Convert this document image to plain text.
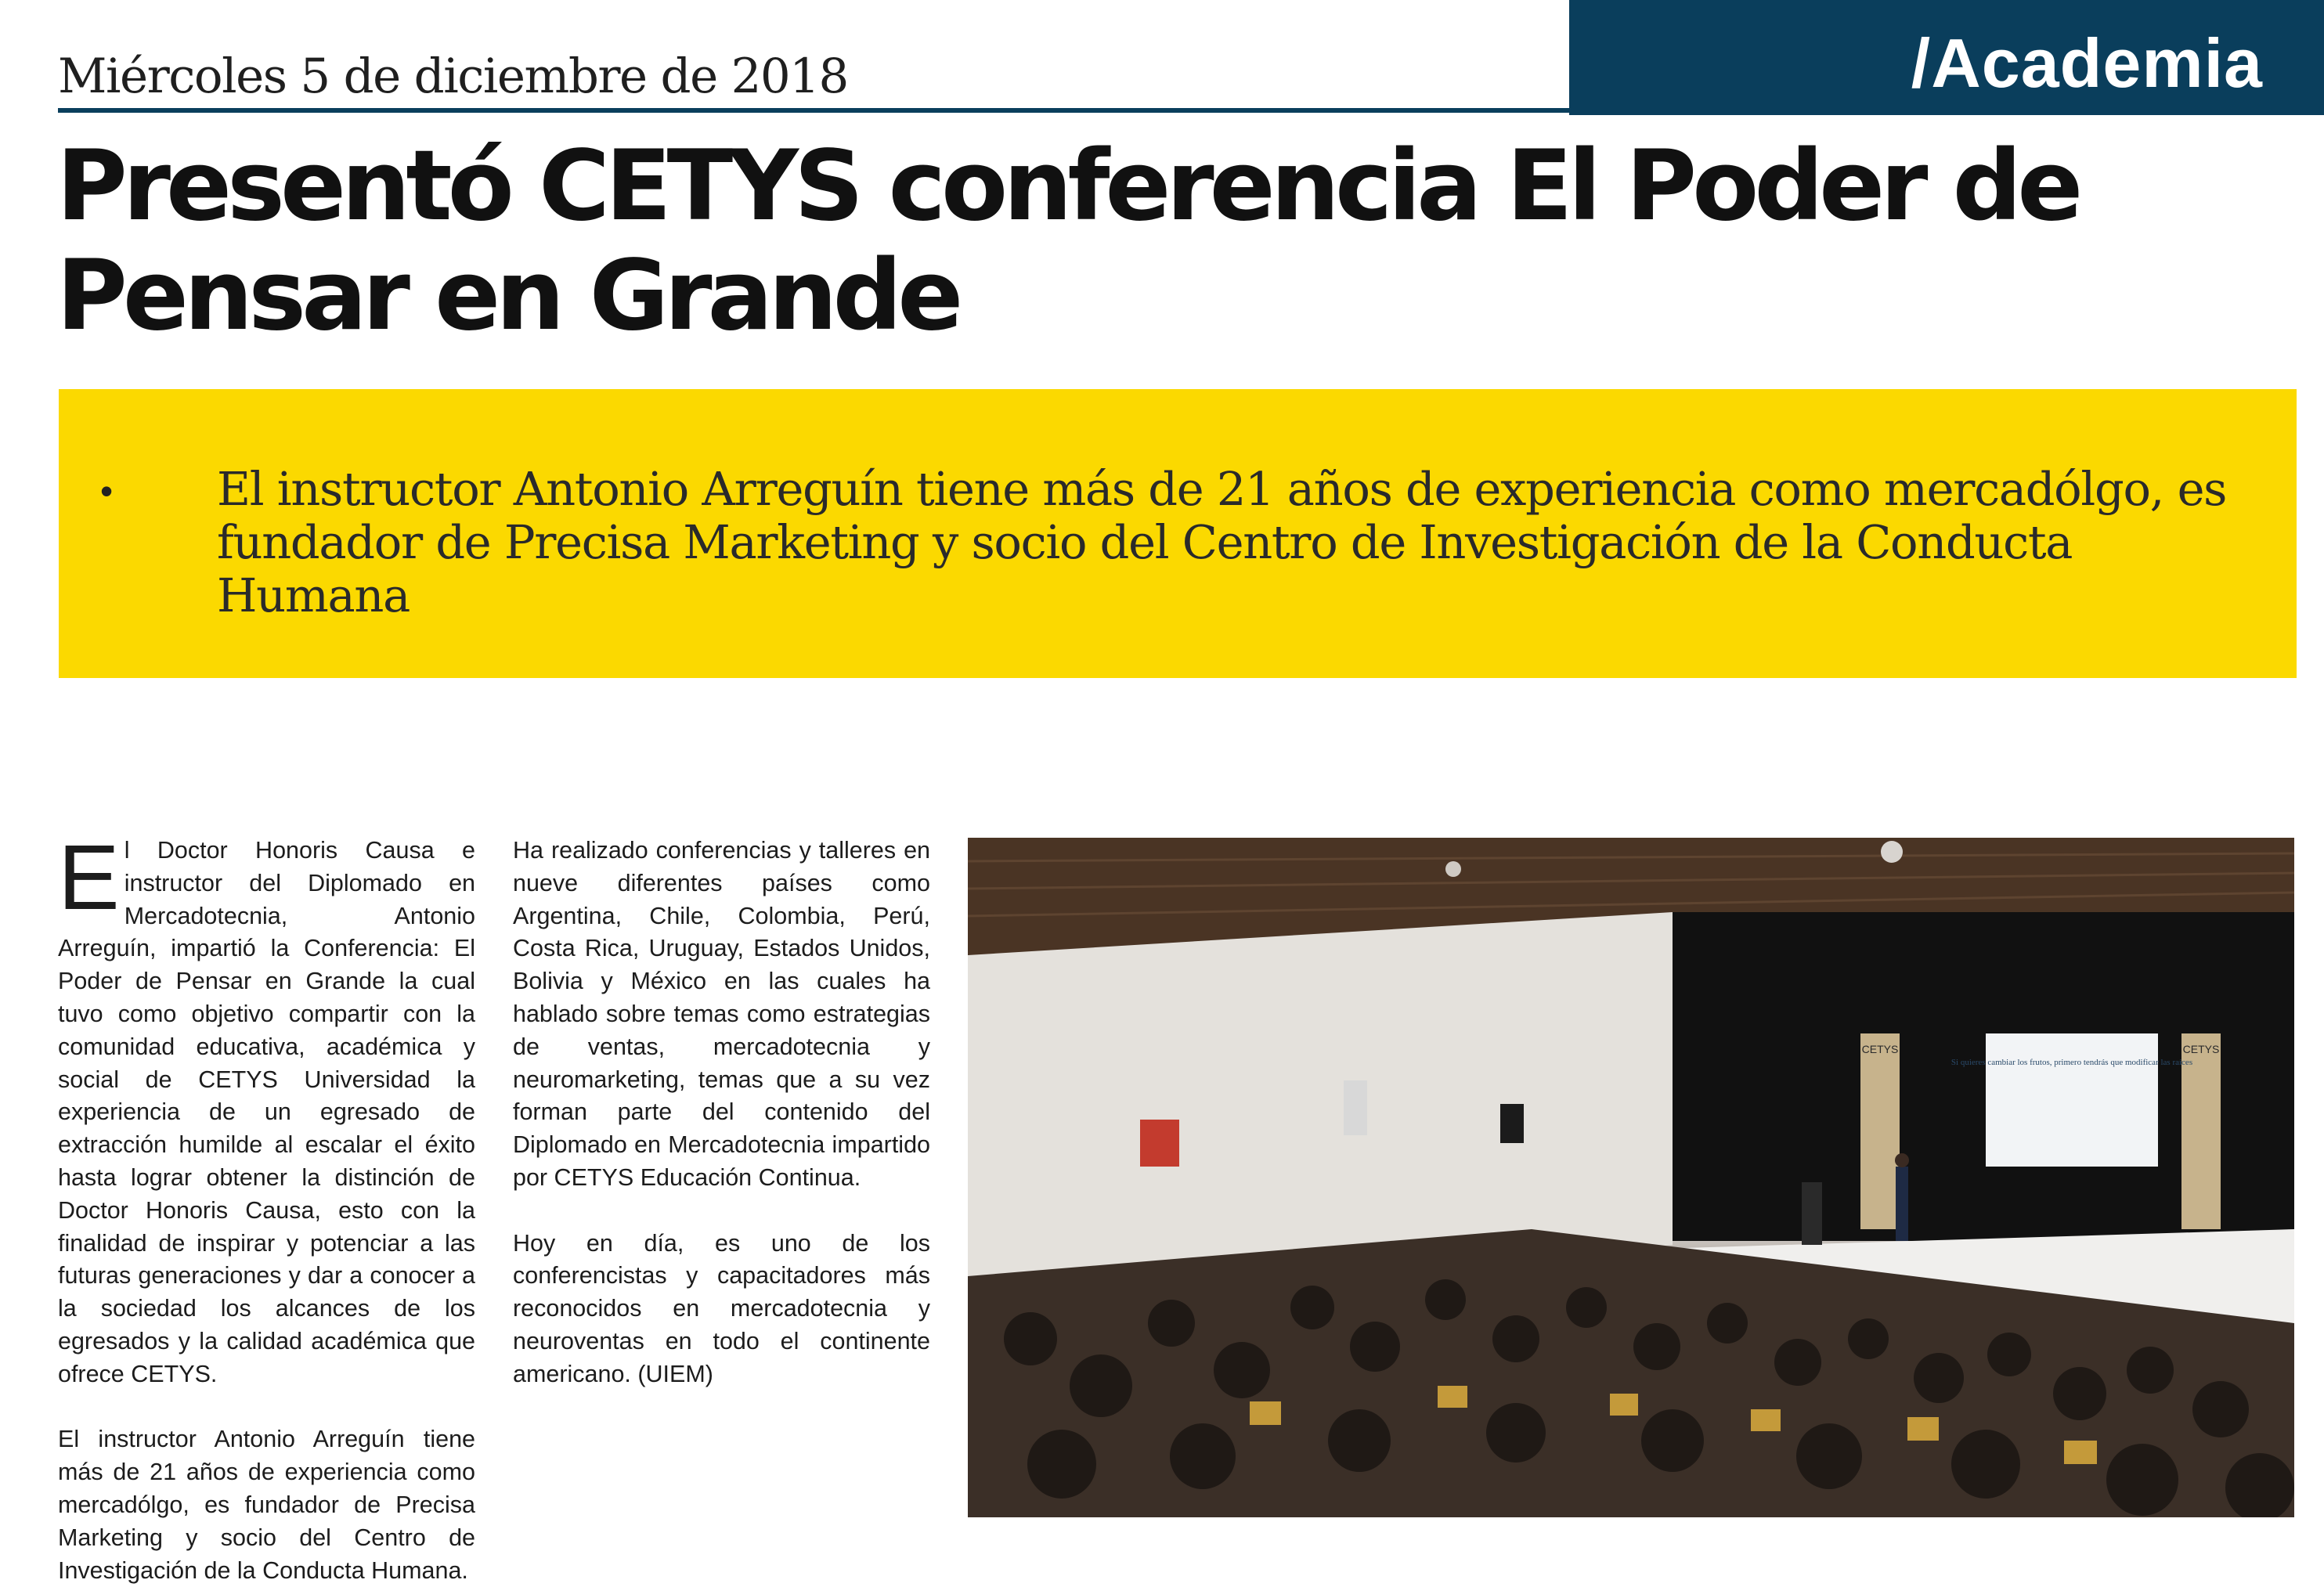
Miércoles 5 de diciembre de 2018	/Academia
Presentó CETYS conferencia El Poder de Pensar en Grande
• El instructor Antonio Arreguín tiene más de 21 años de experiencia como mercadólgo, es fundador de Precisa Marketing y socio del Centro de Investigación de la Conducta Humana

El Doctor Honoris Causa e instructor del Diplomado en Mercadotecnia, Antonio Arreguín, impartió la Conferencia: El Poder de Pensar en Grande la cual tuvo como objetivo compartir con la comunidad educativa, académica y social de CETYS Universidad la experiencia de un egresado de extracción humilde al escalar el éxito hasta lograr obtener la distinción de Doctor Honoris Causa, esto con la finalidad de inspirar y potenciar a las futuras generaciones y dar a conocer a la sociedad los alcances de los egresados y la calidad académica que ofrece CETYS.

El instructor Antonio Arreguín tiene más de 21 años de experiencia como mercadólgo, es fundador de Precisa Marketing y socio del Centro de Investigación de la Conducta Humana.

Ha realizado conferencias y talleres en nueve diferentes países como Argentina, Chile, Colombia, Perú, Costa Rica, Uruguay, Estados Unidos, Bolivia y México en las cuales ha hablado sobre temas como estrategias de ventas, mercadotecnia y neuromarketing, temas que a su vez forman parte del contenido del Diplomado en Mercadotecnia impartido por CETYS Educación Continua.

Hoy en día, es uno de los conferencistas y capacitadores más reconocidos en mercadotecnia y neuroventas en todo el continente americano. (UIEM)

CETYS	CETYS
Si quieres cambiar los frutos, primero tendrás que modificar las raíces
